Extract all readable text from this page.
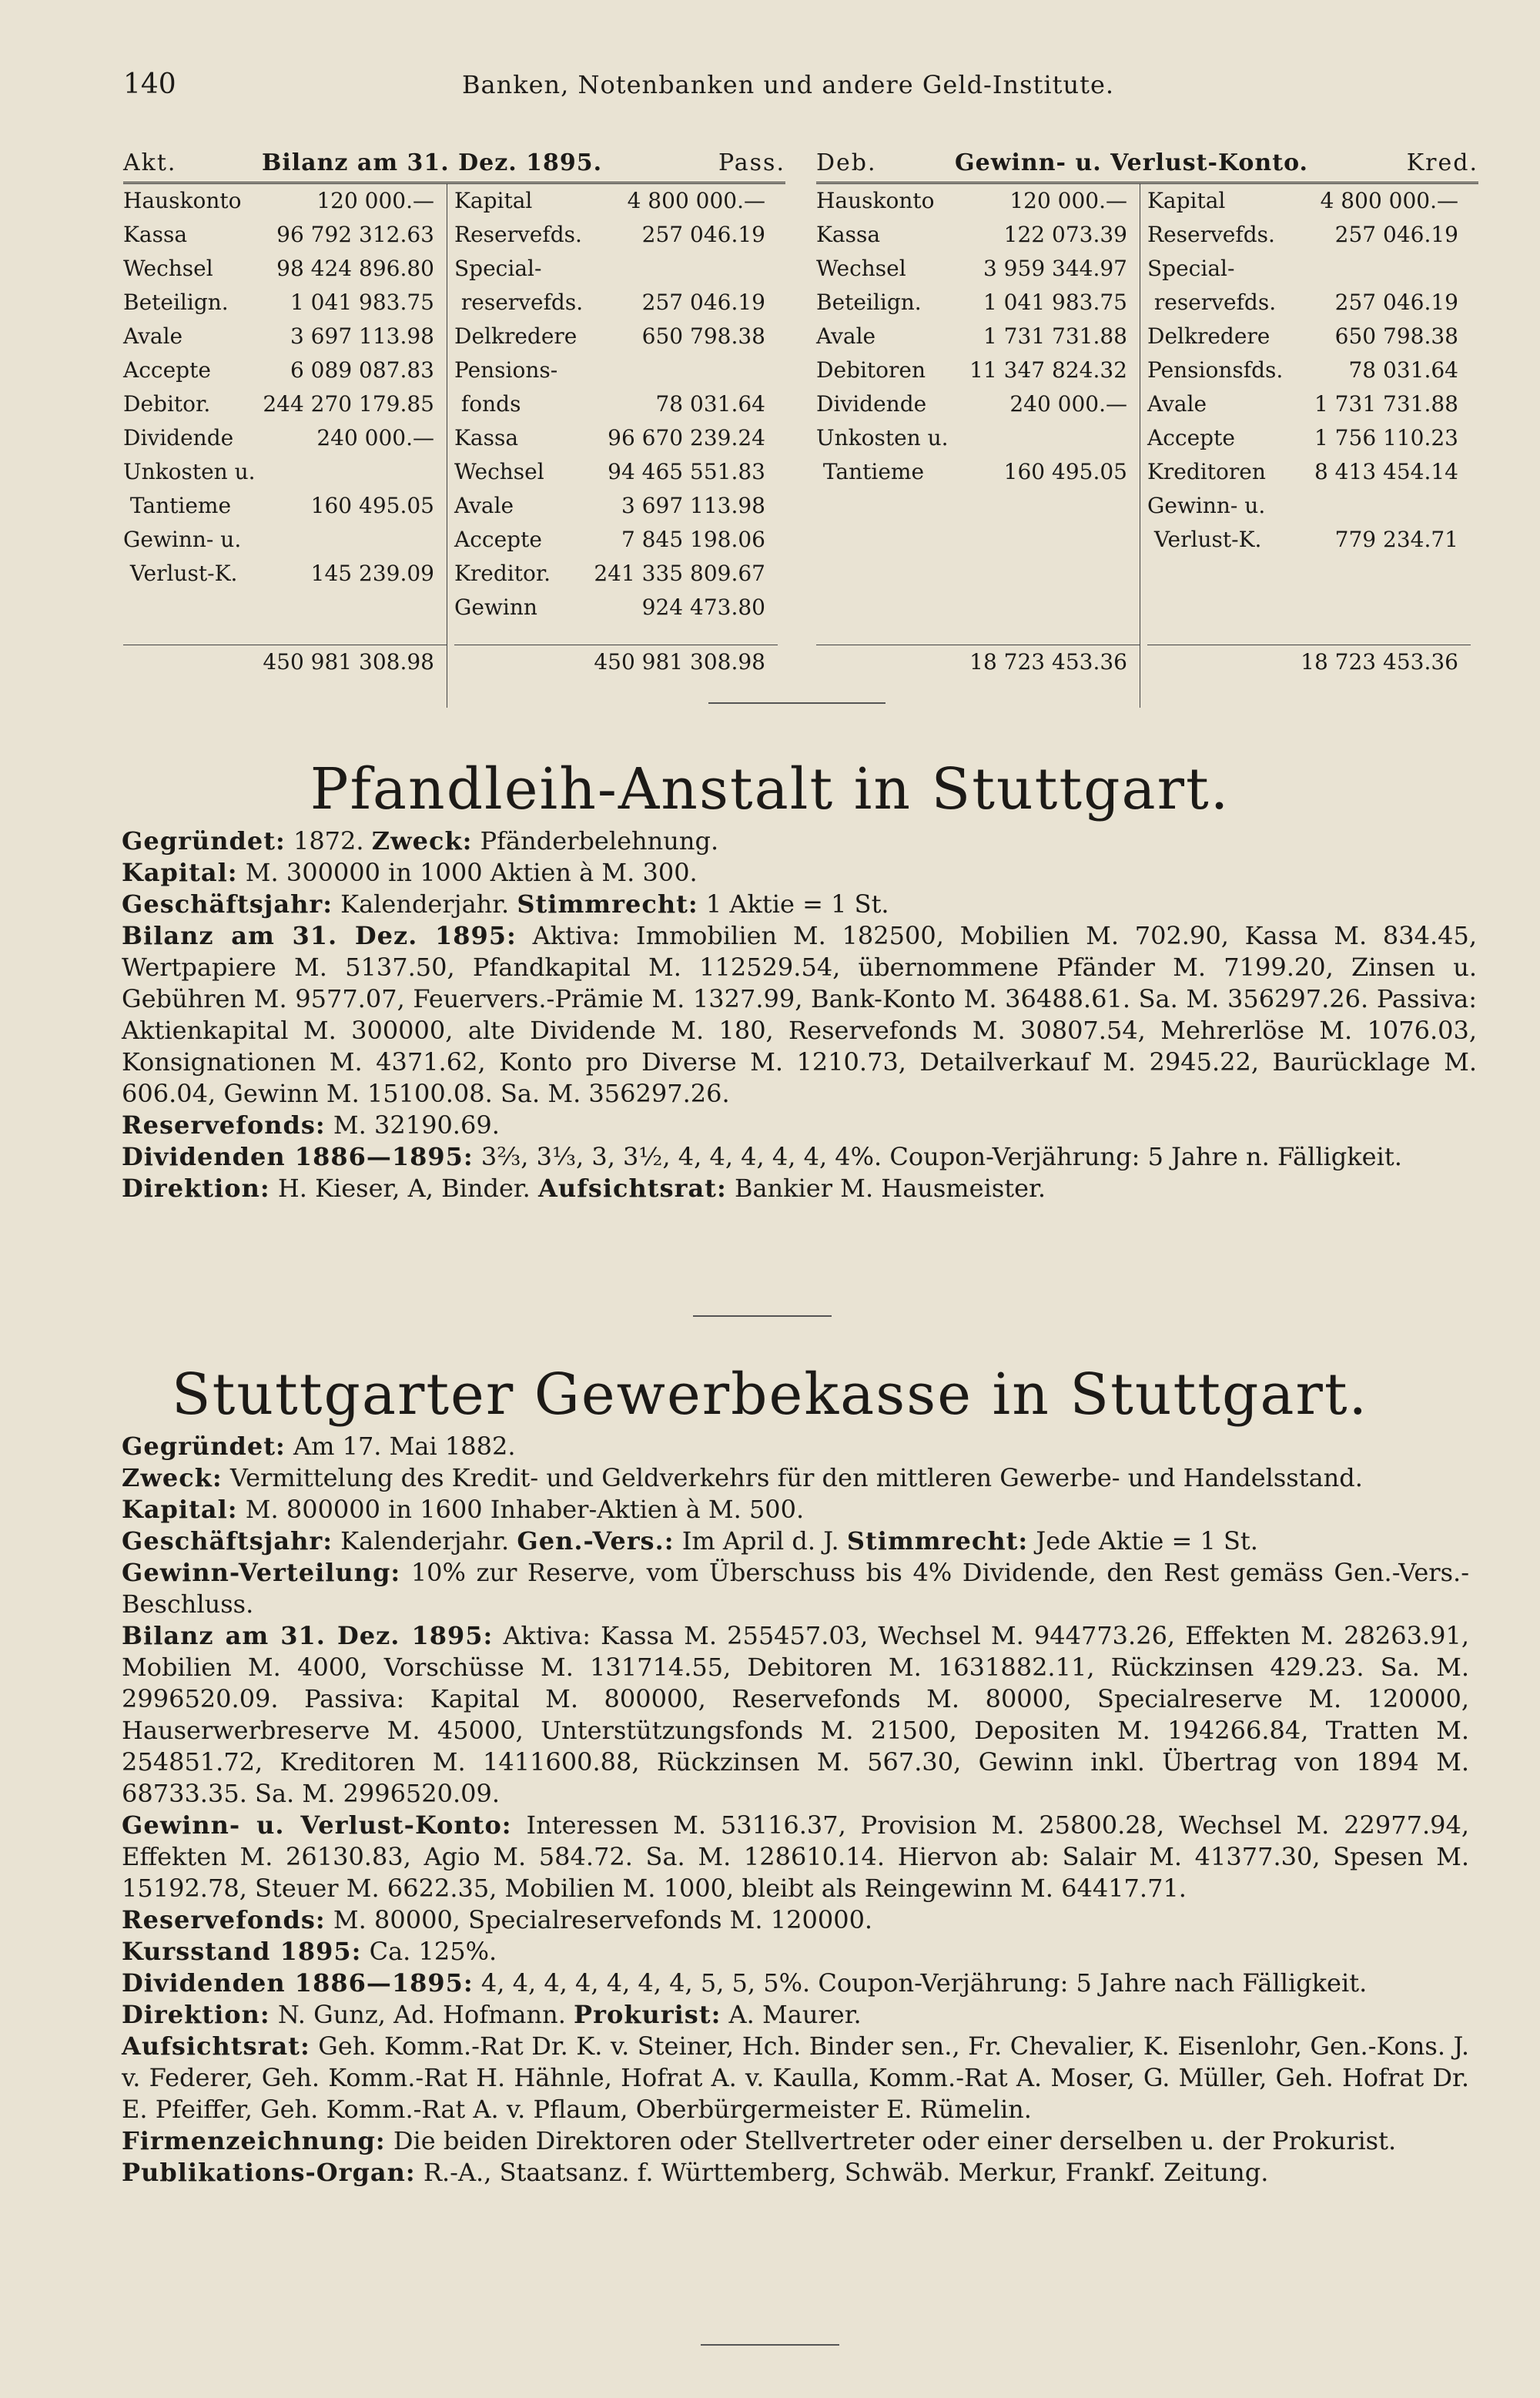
140	Banken, Notenbanken und andere Geld-Institute.
Akt.	Bilanz am 31. Dez. 1895.	Pass.
Hauskonto	120 000.—
Kassa	96 792 312.63
Wechsel	98 424 896.80
Beteilign.	1 041 983.75
Avale	3 697 113.98
Accepte	6 089 087.83
Debitor. 244 270 179.85
Dividende	240 000.—
Unkosten u.
Tantieme	160 495.05
Gewinn- u.
Verlust-K.	145 239.09
450 981 308.98
Kapital	4 800 000.—
Reservefds.	257 046.19
Special-
reservefds.	257 046.19
Delkredere	650 798.38
Pensions-
fonds	78 031.64
Kassa	96 670 239.24
Wechsel	94 465 551.83
Avale	3 697 113.98
Accepte	7 845 198.06
Kreditor. 241 335 809.67
Gewinn	924 473.80
450 981 308.98
Deb.	Gewinn- u. Verlust-Konto.	Kred.
Hauskonto	120 000.—
Kassa	122 073.39
Wechsel	3 959 344.97
Beteilign.	1 041 983.75
Avale	1 731 731.88
Debitoren 11 347 824.32
Dividende	240 000.—
Unkosten u.
Tantieme	160 495.05
18 723 453.36
Kapital	4 800 000.—
Reservefds.	257 046.19
Special-
reservefds.	257 046.19
Delkredere	650 798.38
Pensionsfds.	78 031.64
Avale	1 731 731.88
Accepte	1 756 110.23
Kreditoren 8 413 454.14
Gewinn- u.
Verlust-K.	779 234.71
18 723 453.36
Pfandleih-Anstalt in Stuttgart.

Gegründet: 1872. Zweck: Pfänderbelehnung.

Kapital: M. 300000 in 1000 Aktien à M. 300.

Geschäftsjahr: Kalenderjahr. Stimmrecht: 1 Aktie = 1 St.

Bilanz am 31. Dez. 1895: Aktiva: Immobilien M. 182500, Mobilien M. 702.90, Kassa M. 834.45, Wertpapiere M. 5137.50, Pfandkapital M. 112529.54, übernommene Pfänder M. 7199.20, Zinsen u. Gebühren M. 9577.07, Feuervers.-Prämie M. 1327.99, Bank-Konto M. 36488.61. Sa. M. 356297.26. Passiva: Aktienkapital M. 300000, alte Dividende M. 180, Reservefonds M. 30807.54, Mehrerlöse M. 1076.03, Konsignationen M. 4371.62, Konto pro Diverse M. 1210.73, Detailverkauf M. 2945.22, Baurücklage M. 606.04, Gewinn M. 15100.08. Sa. M. 356297.26.

Reservefonds: M. 32190.69.

Dividenden 1886—1895: 3⅔, 3⅓, 3, 3½, 4, 4, 4, 4, 4, 4%. Coupon-Verjährung: 5 Jahre n. Fälligkeit.

Direktion: H. Kieser, A, Binder. Aufsichtsrat: Bankier M. Hausmeister.

Stuttgarter Gewerbekasse in Stuttgart.

Gegründet: Am 17. Mai 1882.

Zweck: Vermittelung des Kredit- und Geldverkehrs für den mittleren Gewerbe- und Handelsstand.

Kapital: M. 800000 in 1600 Inhaber-Aktien à M. 500.

Geschäftsjahr: Kalenderjahr. Gen.-Vers.: Im April d. J. Stimmrecht: Jede Aktie = 1 St.

Gewinn-Verteilung: 10% zur Reserve, vom Überschuss bis 4% Dividende, den Rest gemäss Gen.-Vers.-Beschluss.

Bilanz am 31. Dez. 1895: Aktiva: Kassa M. 255457.03, Wechsel M. 944773.26, Effekten M. 28263.91, Mobilien M. 4000, Vorschüsse M. 131714.55, Debitoren M. 1631882.11, Rückzinsen 429.23. Sa. M. 2996520.09. Passiva: Kapital M. 800000, Reservefonds M. 80000, Specialreserve M. 120000, Hauserwerbreserve M. 45000, Unterstützungsfonds M. 21500, Depositen M. 194266.84, Tratten M. 254851.72, Kreditoren M. 1411600.88, Rückzinsen M. 567.30, Gewinn inkl. Übertrag von 1894 M. 68733.35. Sa. M. 2996520.09.

Gewinn- u. Verlust-Konto: Interessen M. 53116.37, Provision M. 25800.28, Wechsel M. 22977.94, Effekten M. 26130.83, Agio M. 584.72. Sa. M. 128610.14. Hiervon ab: Salair M. 41377.30, Spesen M. 15192.78, Steuer M. 6622.35, Mobilien M. 1000, bleibt als Reingewinn M. 64417.71.

Reservefonds: M. 80000, Specialreservefonds M. 120000.

Kursstand 1895: Ca. 125%.

Dividenden 1886—1895: 4, 4, 4, 4, 4, 4, 4, 5, 5, 5%. Coupon-Verjährung: 5 Jahre nach Fälligkeit.

Direktion: N. Gunz, Ad. Hofmann. Prokurist: A. Maurer.

Aufsichtsrat: Geh. Komm.-Rat Dr. K. v. Steiner, Hch. Binder sen., Fr. Chevalier, K. Eisenlohr, Gen.-Kons. J. v. Federer, Geh. Komm.-Rat H. Hähnle, Hofrat A. v. Kaulla, Komm.-Rat A. Moser, G. Müller, Geh. Hofrat Dr. E. Pfeiffer, Geh. Komm.-Rat A. v. Pflaum, Oberbürgermeister E. Rümelin.

Firmenzeichnung: Die beiden Direktoren oder Stellvertreter oder einer derselben u. der Prokurist.

Publikations-Organ: R.-A., Staatsanz. f. Württemberg, Schwäb. Merkur, Frankf. Zeitung.
